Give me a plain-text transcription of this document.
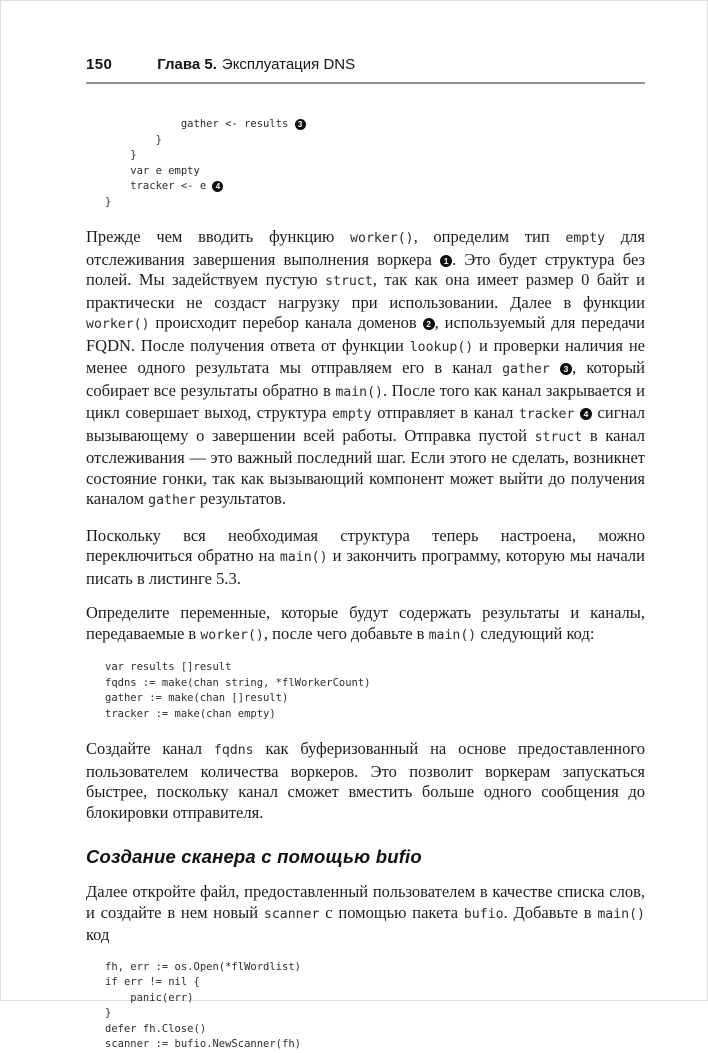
150	Глава 5. Эксплуатация DNS
gather <- results 3
}
}
var e empty
tracker <- e 4
}

Прежде чем вводить функцию worker(), определим тип empty для отслеживания завершения выполнения воркера 1 . Это будет структура без полей. Мы задействуем пустую struct, так как она имеет размер 0 байт и практически не создаст нагрузку при использовании. Далее в функции worker() происходит перебор канала доменов 2 , используемый для передачи FQDN. После получения ответа от функции lookup() и проверки наличия не менее одного результата мы отправляем его в канал gather 3 , который собирает все результаты обратно в main(). После того как канал закрывается и цикл совершает выход, структура empty отправляет в канал tracker 4 сигнал вызывающему о завершении всей работы. Отправка пустой struct в канал отслеживания — это важный последний шаг. Если этого не сделать, возникнет состояние гонки, так как вызывающий компонент может выйти до получения каналом gather результатов.

Поскольку вся необходимая структура теперь настроена, можно переключиться обратно на main() и закончить программу, которую мы начали писать в листинге 5.3.

Определите переменные, которые будут содержать результаты и каналы, передаваемые в worker(), после чего добавьте в main() следующий код:

var results []result
fqdns := make(chan string, *flWorkerCount)
gather := make(chan []result)
tracker := make(chan empty)

Создайте канал fqdns как буферизованный на основе предоставленного пользователем количества воркеров. Это позволит воркерам запускаться быстрее, поскольку канал сможет вместить больше одного сообщения до блокировки отправителя.

Создание сканера с помощью bufio

Далее откройте файл, предоставленный пользователем в качестве списка слов, и создайте в нем новый scanner с помощью пакета bufio. Добавьте в main() код

fh, err := os.Open(*flWordlist)
if err != nil {
panic(err)
}
defer fh.Close()
scanner := bufio.NewScanner(fh)
